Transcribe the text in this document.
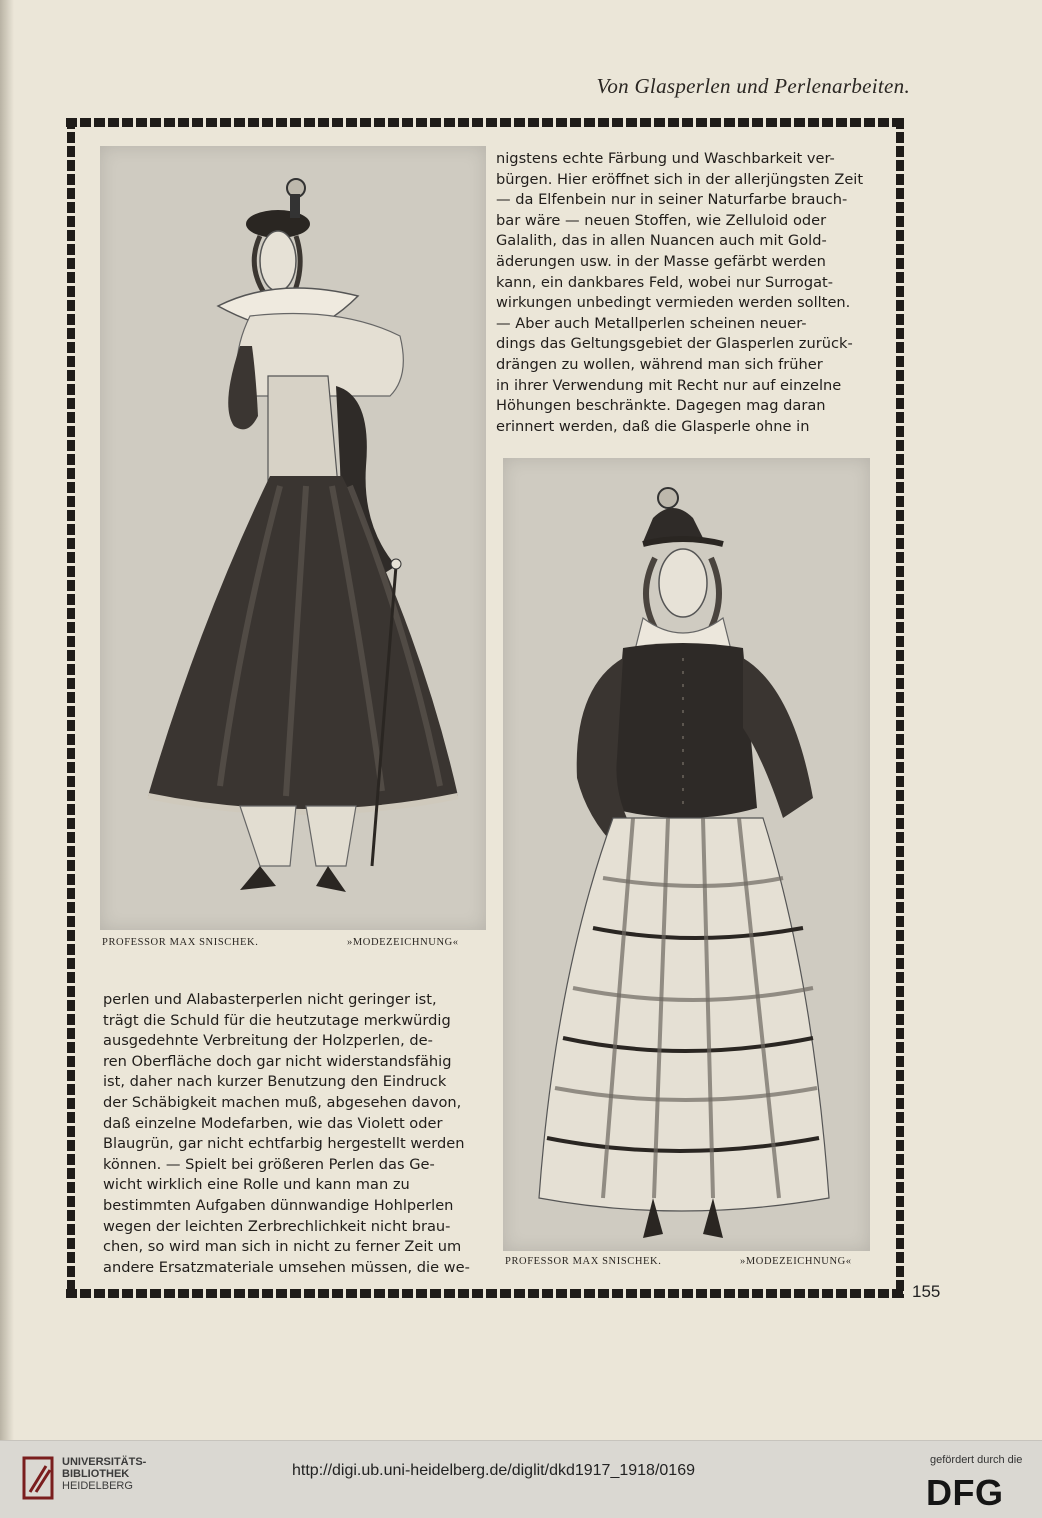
Von Glasperlen und Perlenarbeiten.
155

nigstens echte Färbung und Waschbarkeit ver-
bürgen. Hier eröffnet sich in der allerjüngsten Zeit
— da Elfenbein nur in seiner Naturfarbe brauch-
bar wäre — neuen Stoffen, wie Zelluloid oder
Galalith, das in allen Nuancen auch mit Gold-
äderungen usw. in der Masse gefärbt werden
kann, ein dankbares Feld, wobei nur Surrogat-
wirkungen unbedingt vermieden werden sollten.
— Aber auch Metallperlen scheinen neuer-
dings das Geltungsgebiet der Glasperlen zurück-
drängen zu wollen, während man sich früher
in ihrer Verwendung mit Recht nur auf einzelne
Höhungen beschränkte. Dagegen mag daran
erinnert werden, daß die Glasperle ohne in

PROFESSOR MAX SNISCHEK.	»MODEZEICHNUNG«
PROFESSOR MAX SNISCHEK.	»MODEZEICHNUNG«

perlen und Alabasterperlen nicht geringer ist,
trägt die Schuld für die heutzutage merkwürdig
ausgedehnte Verbreitung der Holzperlen, de-
ren Oberfläche doch gar nicht widerstandsfähig
ist, daher nach kurzer Benutzung den Eindruck
der Schäbigkeit machen muß, abgesehen davon,
daß einzelne Modefarben, wie das Violett oder
Blaugrün, gar nicht echtfarbig hergestellt werden
können. — Spielt bei größeren Perlen das Ge-
wicht wirklich eine Rolle und kann man zu
bestimmten Aufgaben dünnwandige Hohlperlen
wegen der leichten Zerbrechlichkeit nicht brau-
chen, so wird man sich in nicht zu ferner Zeit um
andere Ersatzmateriale umsehen müssen, die we-

UNIVERSITÄTS-
BIBLIOTHEK
HEIDELBERG
http://digi.ub.uni-heidelberg.de/diglit/dkd1917_1918/0169
gefördert durch die
DFG
